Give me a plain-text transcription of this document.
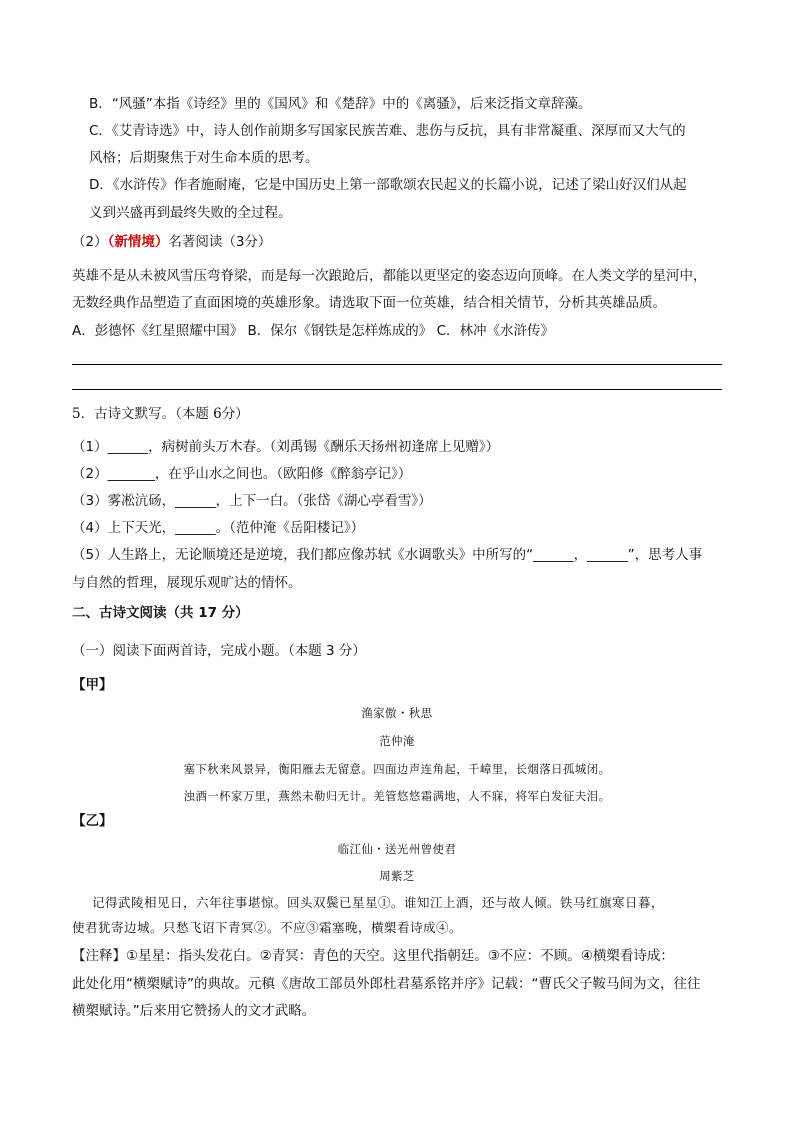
B．“风骚”本指《诗经》里的《国风》和《楚辞》中的《离骚》，后来泛指文章辞藻。
C．《艾青诗选》中，诗人创作前期多写国家民族苦难、悲伤与反抗，具有非常凝重、深厚而又大气的
风格；后期聚焦于对生命本质的思考。
D．《水浒传》作者施耐庵，它是中国历史上第一部歌颂农民起义的长篇小说，记述了梁山好汉们从起
义到兴盛再到最终失败的全过程。
（2）（新情境）名著阅读（3分）
英雄不是从未被风雪压弯脊梁，而是每一次踉跄后，都能以更坚定的姿态迈向顶峰。在人类文学的星河中，
无数经典作品塑造了直面困境的英雄形象。请选取下面一位英雄，结合相关情节，分析其英雄品质。
A．彭德怀《红星照耀中国》 B．保尔《钢铁是怎样炼成的》 C．林冲《水浒传》
5．古诗文默写。（本题 6分）
（1）______，病树前头万木春。（刘禹锡《酬乐天扬州初逢席上见赠》）
（2）_______，在乎山水之间也。（欧阳修《醉翁亭记》）
（3）雾凇沆砀，______，上下一白。（张岱《湖心亭看雪》）
（4）上下天光，______。（范仲淹《岳阳楼记》）
（5）人生路上，无论顺境还是逆境，我们都应像苏轼《水调歌头》中所写的“______，______”，思考人事
与自然的哲理，展现乐观旷达的情怀。
二、古诗文阅读（共 17 分）
（一）阅读下面两首诗，完成小题。（本题 3 分）
【甲】
渔家傲・秋思
范仲淹
塞下秋来风景异，衡阳雁去无留意。四面边声连角起，千嶂里，长烟落日孤城闭。
浊酒一杯家万里，燕然未勒归无计。羌管悠悠霜满地，人不寐，将军白发征夫泪。
【乙】
临江仙・送光州曾使君
周紫芝
记得武陵相见日，六年往事堪惊。回头双鬓已星星①。谁知江上酒，还与故人倾。铁马红旗寒日暮，
使君犹寄边城。只愁飞诏下青冥②。不应③霜塞晚，横槊看诗成④。
【注释】①星星：指头发花白。②青冥：青色的天空。这里代指朝廷。③不应：不顾。④横槊看诗成：
此处化用“横槊赋诗”的典故。元稹《唐故工部员外郎杜君墓系铭并序》记载：“曹氏父子鞍马间为文，往往
横槊赋诗。”后来用它赞扬人的文才武略。
